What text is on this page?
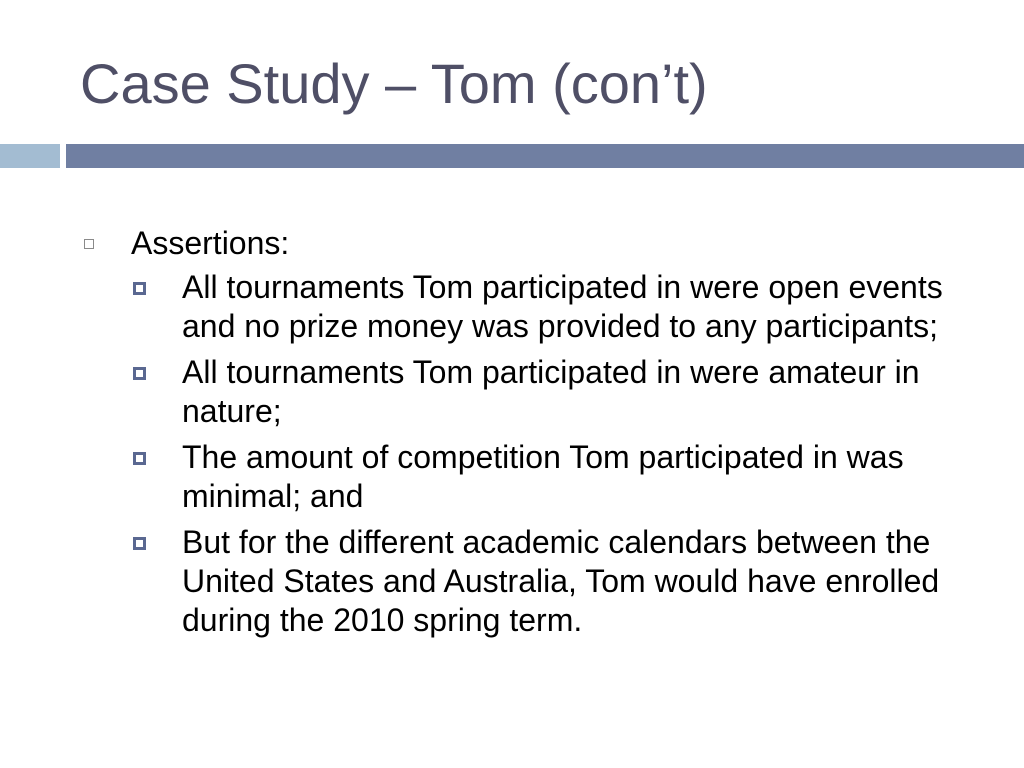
Case Study – Tom (con’t)
Assertions:
All tournaments Tom participated in were open events and no prize money was provided to any participants;
All tournaments Tom participated in were amateur in nature;
The amount of competition Tom participated in was minimal; and
But for the different academic calendars between the United States and Australia, Tom would have enrolled during the 2010 spring term.
